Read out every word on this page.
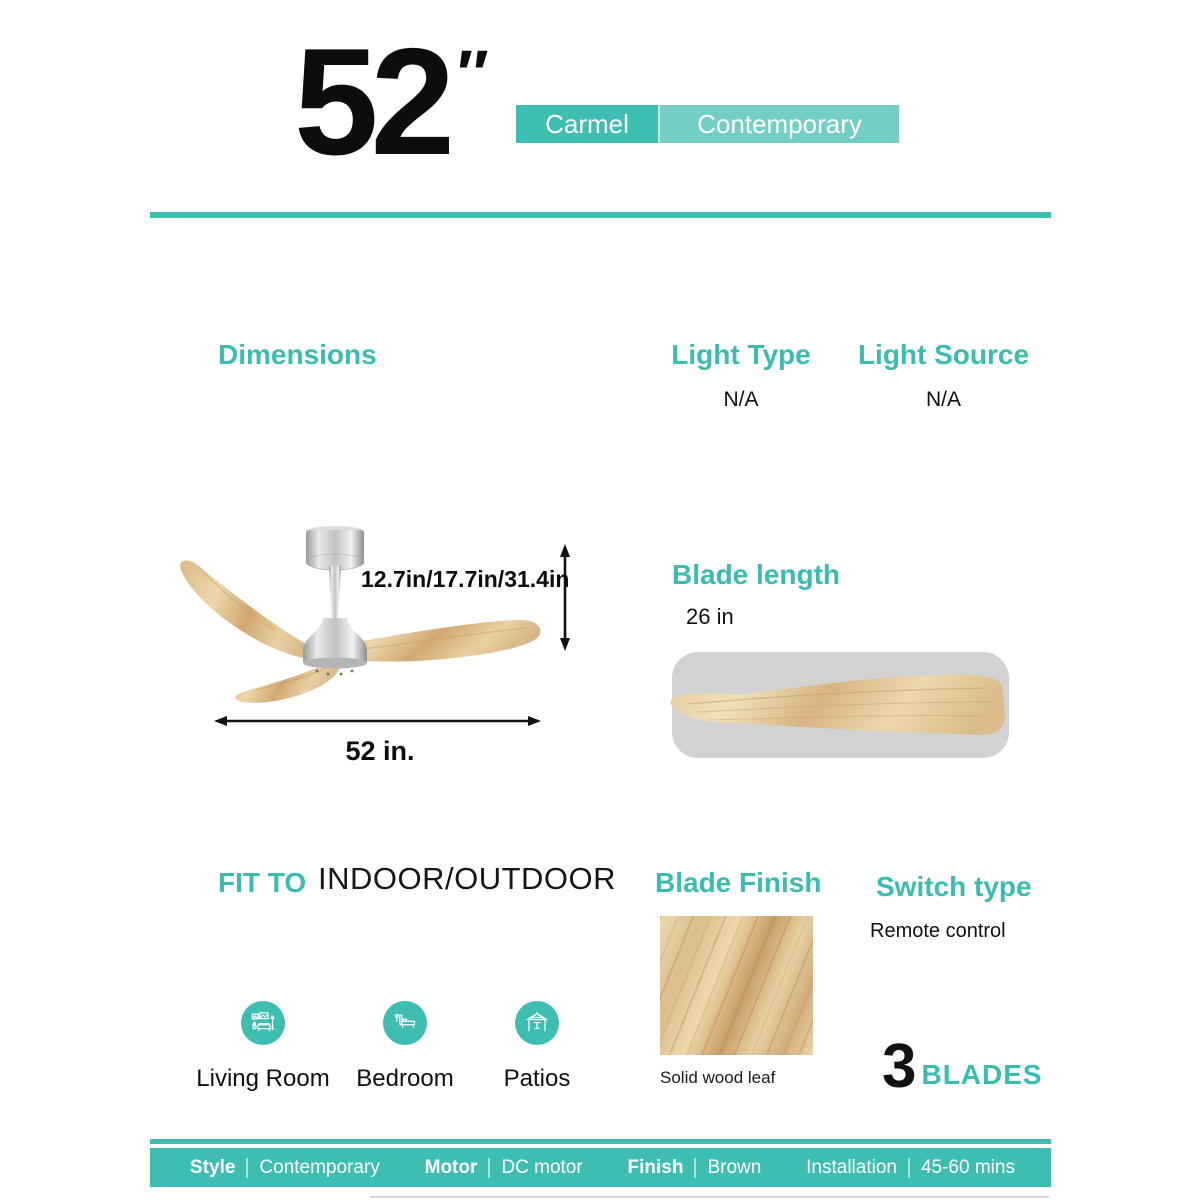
52 ″
Carmel	Contemporary
Dimensions	Light Type
N/A
Light Source
N/A
12.7in/17.7in/31.4in
52 in.
Blade length
26 in
FIT TO INDOOR/OUTDOOR
Living Room	Bedroom	Patios
Blade Finish
Solid wood leaf
Switch type
Remote control
3 BLADES
Style Contemporary Motor DC motor Finish Brown Installation 45-60 mins
